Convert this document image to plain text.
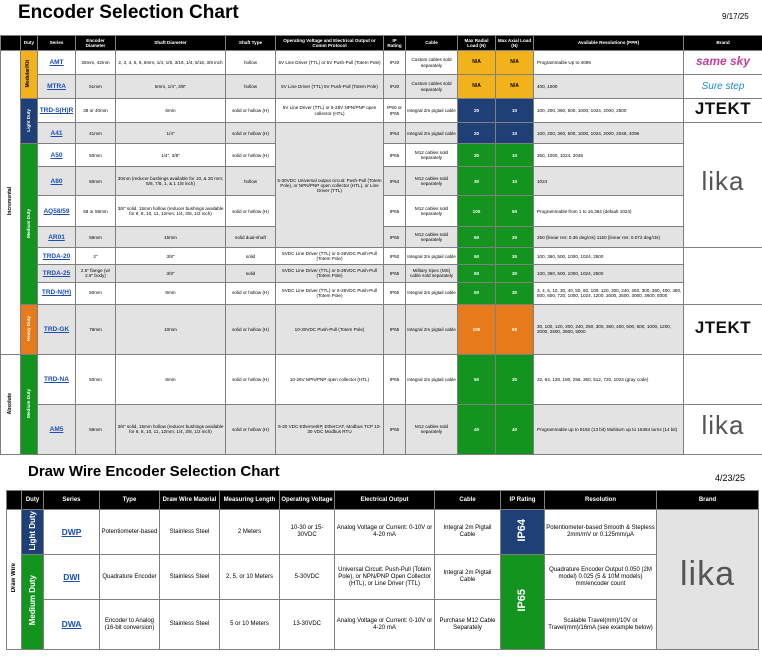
Encoder Selection Chart	9/17/25
	Duty	Series	Encoder Diameter	Shaft Diameter	Shaft Type	Operating Voltage and Electrical Output or Comm Protocol	IP Rating	Cable	Max Radial Load (N)	Max Axial Load (N)	Available Resolutions (PPR)	Brand
Incremental	Modular/Kit	AMT	28mm, 42mm	2, 3, 4, 5, 6, 8mm, 1/4, 1/8, 3/16, 1/4, 5/16, 3/8 inch	hollow	5V Line Driver (TTL) or 5V Push-Pull (Totem Pole)	IP20	Custom cables sold separately	N/A	N/A	Programmable Up to 4096	same sky
		MTRA	51mm	5mm, 1/4", 3/8"	hollow	5V Line Driver (TTL) 5V Push-Pull (Totem Pole)	IP20	Custom cables sold separately	N/A	N/A	400, 1000	Sure step
	Light Duty	TRD-S(H)R	38 or 40mm	6mm	solid or hollow (H)	5V Line Driver (TTL) or 5-28V NPN/PNP open collector (HTL)	IP50 or IP65	Integral 2m pigtail cable	20	10	100, 200, 360, 500, 1000, 1024, 2000, 2500	JTEKT
		A41	41mm	1/4"	solid or hollow (H)	5-30VDC Universal output circuit: Push-Pull (Totem Pole), or NPN/PNP open collector (HTL), or Line Driver (TTL)	IP64	Integral 2m pigtail cable	20	10	100, 200, 360, 500, 1000, 1024, 2000, 2048, 4096	lika
	Medium Duty	A50	50mm	1/4", 3/8"	solid or hollow (H)		IP65	M12 cables sold separately	30	10	360, 1000, 1024, 2048	
		A80	60mm	30mm (reducer bushings available for 10, & 30 mm; 5/8, 7/8, 1, & 1 1/8 inch)	hollow		IP64	M12 cables sold separately	30	10	1024	
		AQ58/59	58 or 59mm	3/8" solid, 15mm hollow (reducer bushings available for 6, 8, 10, 11, 12mm; 1/4, 3/8, 1/2 inch)	solid or hollow (H)		IP65	M12 cables sold separately	100	50	Programmable from 1 to 16,384 (default 1024)	
		AR01	58mm	15mm	solid dual-shaft		IP65	M12 cables sold separately	50	20	250 (linear res: 0.36 deg/cts) 1150 (linear res: 0.072 deg/cts)	
		TRDA-20	2"	3/8"	solid	5VDC Line Driver (TTL) or 5-28VDC Push-Pull (Totem Pole)	IP50	Integral 2m pigtail cable	50	30	100, 360, 500, 1000, 1024, 2500	
		TRDA-25	2.5" flange (w/ 2.9" body)	3/8"	solid	5VDC Line Driver (TTL) or 5-28VDC Push-Pull (Totem Pole)	IP65	Military Spec (MS) cable sold separately	50	30	100, 360, 500, 1000, 1024, 2500	
		TRD-N(H)	50mm	8mm	solid or hollow (H)	5VDC Line Driver (TTL) or 5-28VDC Push-Pull (Totem Pole)	IP65	Integral 2m pigtail cable	50	30	3, 4, 5, 10, 30, 40, 50, 60, 100, 120, 200, 240, 250, 300, 360, 400, 480, 500, 600, 720, 1000, 1024, 1200, 2000, 2500, 3000, 3600, 5000	
	Heavy Duty	TRD-GK	78mm	10mm	solid or hollow (H)	10-30VDC Push-Pull (Totem Pole)	IP65	Integral 2m pigtail cable	100	50	30, 100, 120, 200, 240, 250, 300, 360, 400, 500, 600, 1000, 1200, 2000, 2500, 3600, 5000	JTEKT
Absolute	Medium Duty	TRD-NA	50mm	8mm	solid or hollow (H)	10-26V NPN/PNP open collector (HTL)	IP65	Integral 2m pigtail cable	50	30	32, 64, 128, 180, 256, 360, 512, 720, 1024 (gray code)	
		AM5	58mm	3/8" solid, 15mm hollow (reducer bushings available for 6, 8, 10, 11, 12mm; 1/4, 3/8, 1/2 inch)	solid or hollow (H)	5-30 VDC Ethernet/IP, EtherCAT, Modbus TCP 10-30 VDC Modbus RTU	IP65	M12 cables sold separately	40	40	Programmable up to 8192 (13 bit) Multiturn up to 16384 turns (14 bit)	lika
Draw Wire Encoder Selection Chart	4/23/25
	Duty	Series	Type	Draw Wire Material	Measuring Length	Operating Voltage	Electrical Output	Cable	IP Rating	Resolution	Brand
Draw Wire	Light Duty	DWP	Potentiometer-based	Stainless Steel	2 Meters	10-30 or 15-30VDC	Analog Voltage or Current: 0-10V or 4-20 mA	Integral 2m Pigtail Cable	IP64	Potentiometer-based Smooth & Stepless 2mm/mV or 0.125mm/μA	lika
	Medium Duty	DWI	Quadrature Encoder	Stainless Steel	2, 5, or 10 Meters	5-30VDC	Universal Circuit: Push-Pull (Totem Pole), or NPN/PNP Open Collector (HTL), or Line Driver (TTL)	Integral 2m Pigtail Cable	IP65	Quadrature Encoder Output 0.050 (2M model) 0.025 (5 & 10M models) mm/encoder count	
		DWA	Encoder to Analog (16-bit conversion)	Stainless Steel	5 or 10 Meters	13-30VDC	Analog Voltage or Current: 0-10V or 4-20 mA	Purchase M12 Cable Separately		Scalable Travel(mm)/10V or Travel(mm)/16mA (see example below)	
